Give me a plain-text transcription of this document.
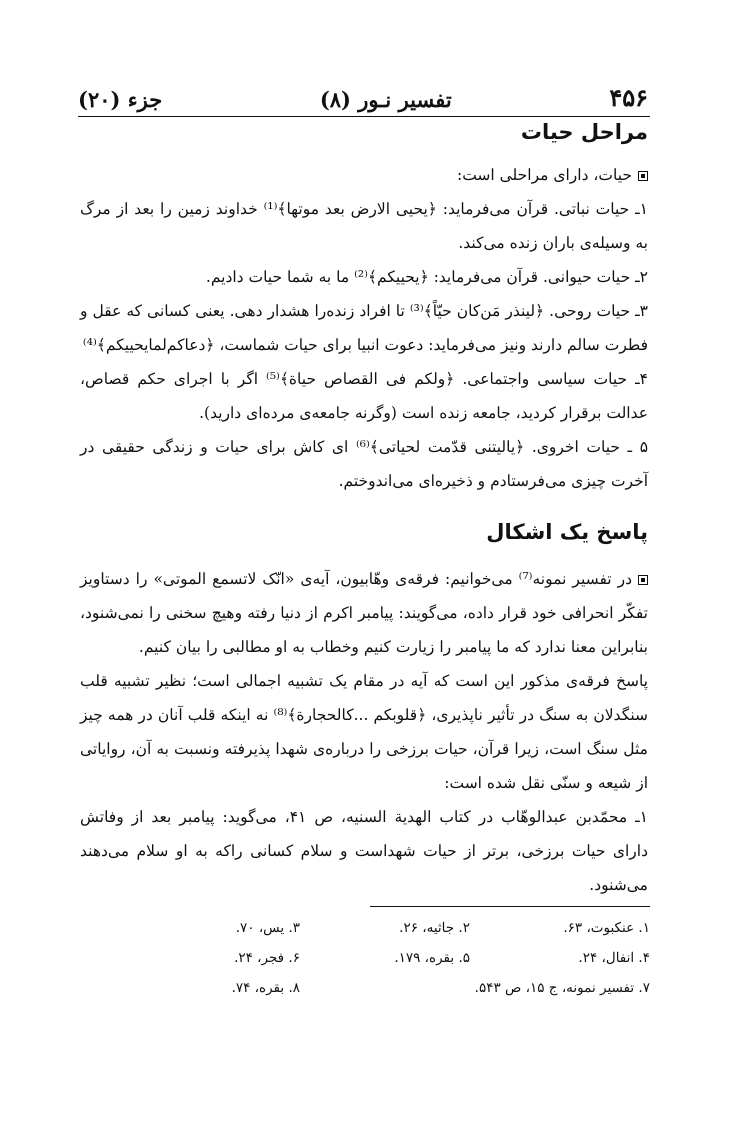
۴۵۶
تفسیر نـور (۸)
جزء (۲۰)
مراحل حیات
حیات، دارای مراحلی است:
۱ـ حیات نباتی. قرآن می‌فرماید: ﴿یحیی الارض بعد موتها﴾⁽¹⁾ خداوند زمین را بعد از مرگ به وسیله‌ی باران زنده می‌کند.
۲ـ حیات حیوانی. قرآن می‌فرماید: ﴿یحییکم﴾⁽²⁾ ما به شما حیات دادیم.
۳ـ حیات روحی. ﴿لینذر مَن‌کان حیّاً﴾⁽³⁾ تا افراد زنده‌را هشدار دهی. یعنی کسانی که عقل و فطرت سالم دارند ونیز می‌فرماید: دعوت انبیا برای حیات شماست، ﴿دعاکم‌لما‌یحییکم﴾⁽⁴⁾
۴ـ حیات سیاسی واجتماعی. ﴿ولکم فی القصاص حیاة﴾⁽⁵⁾ اگر با اجرای حکم قصاص، عدالت برقرار کردید، جامعه زنده است (وگرنه جامعه‌ی مرده‌ای دارید).
۵ ـ حیات اخروی. ﴿یالیتنی قدّمت لحیاتی﴾⁽⁶⁾ ای کاش برای حیات و زندگی حقیقی در آخرت چیزی می‌فرستادم و ذخیره‌ای می‌اندوختم.
پاسخ یک اشکال
در تفسیر نمونه⁽⁷⁾ می‌خوانیم: فرقه‌ی وهّابیون، آیه‌ی «انّک لاتسمع الموتی» را دستاویز تفکّر انحرافی خود قرار داده، می‌گویند: پیامبر اکرم از دنیا رفته وهیچ سخنی را نمی‌شنود، بنابراین معنا ندارد که ما پیامبر را زیارت کنیم وخطاب به او مطالبی را بیان کنیم.
پاسخ فرقه‌ی مذکور این است که آیه در مقام یک تشبیه اجمالی است؛ نظیر تشبیه قلب سنگدلان به سنگ در تأثیر ناپذیری، ﴿قلوبکم ...کالحجارة﴾⁽⁸⁾ نه اینکه قلب آنان در همه چیز مثل سنگ است، زیرا قرآن، حیات برزخی را درباره‌ی شهدا پذیرفته ونسبت به آن، روایاتی از شیعه و سنّی نقل شده است:
۱ـ محمّدبن عبدالوهّاب در کتاب الهدیة السنیه، ص ۴۱، می‌گوید: پیامبر بعد از وفاتش دارای حیات برزخی، برتر از حیات شهداست و سلام کسانی راکه به او سلام می‌دهند می‌شنود.
۱. عنکبوت، ۶۳.
۲. جاثیه، ۲۶.
۳. یس، ۷۰.
۴. انفال، ۲۴.
۵. بقره، ۱۷۹.
۶. فجر، ۲۴.
۷. تفسیر نمونه، ج ۱۵، ص ۵۴۳.
۸. بقره، ۷۴.
